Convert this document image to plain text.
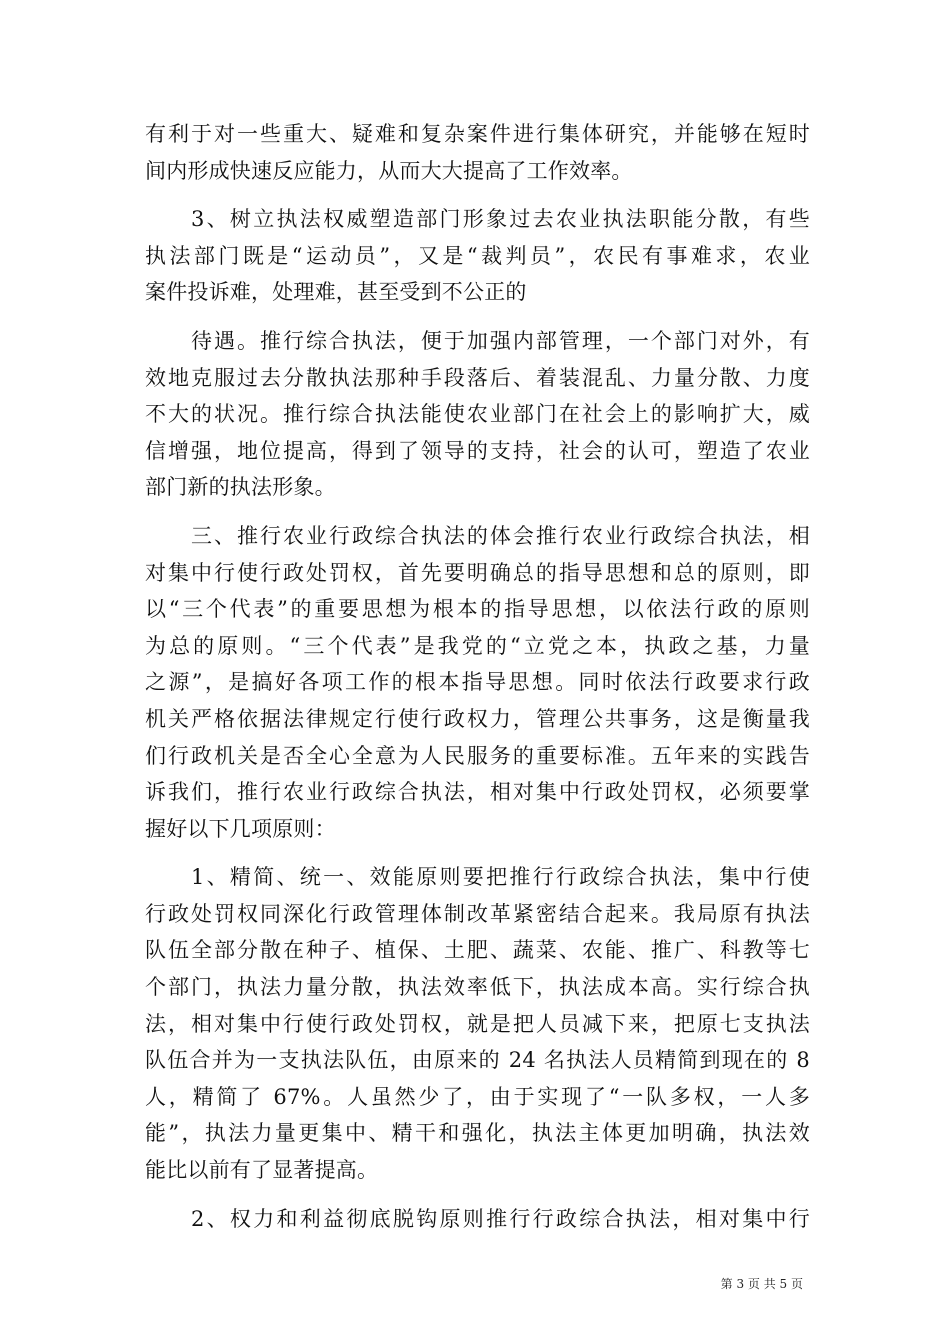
有利于对一些重大、疑难和复杂案件进行集体研究，并能够在短时
间内形成快速反应能力，从而大大提高了工作效率。
3、树立执法权威塑造部门形象过去农业执法职能分散，有些
执法部门既是“运动员”，又是“裁判员”，农民有事难求，农业
案件投诉难，处理难，甚至受到不公正的
待遇。推行综合执法，便于加强内部管理，一个部门对外，有
效地克服过去分散执法那种手段落后、着装混乱、力量分散、力度
不大的状况。推行综合执法能使农业部门在社会上的影响扩大，威
信增强，地位提高，得到了领导的支持，社会的认可，塑造了农业
部门新的执法形象。
三、推行农业行政综合执法的体会推行农业行政综合执法，相
对集中行使行政处罚权，首先要明确总的指导思想和总的原则，即
以“三个代表”的重要思想为根本的指导思想，以依法行政的原则
为总的原则。“三个代表”是我党的“立党之本，执政之基，力量
之源”，是搞好各项工作的根本指导思想。同时依法行政要求行政
机关严格依据法律规定行使行政权力，管理公共事务，这是衡量我
们行政机关是否全心全意为人民服务的重要标准。五年来的实践告
诉我们，推行农业行政综合执法，相对集中行政处罚权，必须要掌
握好以下几项原则：
1、精简、统一、效能原则要把推行行政综合执法，集中行使
行政处罚权同深化行政管理体制改革紧密结合起来。我局原有执法
队伍全部分散在种子、植保、土肥、蔬菜、农能、推广、科教等七
个部门，执法力量分散，执法效率低下，执法成本高。实行综合执
法，相对集中行使行政处罚权，就是把人员减下来，把原七支执法
队伍合并为一支执法队伍，由原来的 24 名执法人员精简到现在的 8
人，精简了 67%。人虽然少了，由于实现了“一队多权，一人多
能”，执法力量更集中、精干和强化，执法主体更加明确，执法效
能比以前有了显著提高。
2、权力和利益彻底脱钩原则推行行政综合执法，相对集中行
第 3 页 共 5 页
